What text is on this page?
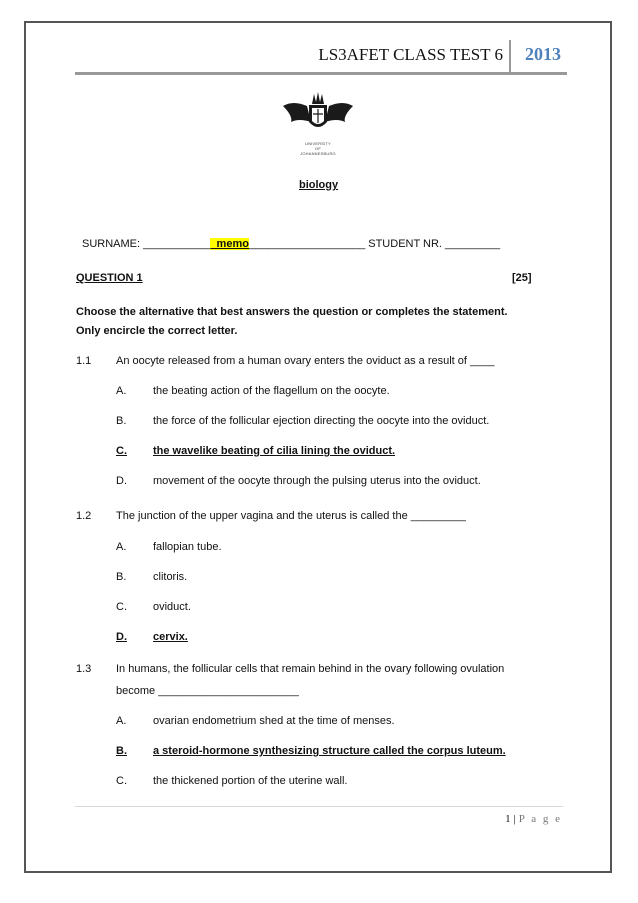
LS3AFET CLASS TEST 6 2013
UNIVERSITY
OF
JOHANNESBURG
biology
SURNAME: ____________memo___________________ STUDENT NR. _________
QUESTION 1	[25]
Choose the alternative that best answers the question or completes the statement.
Only encircle the correct letter.
1.1 An oocyte released from a human ovary enters the oviduct as a result of ____
A. the beating action of the flagellum on the oocyte.
B. the force of the follicular ejection directing the oocyte into the oviduct.
C.	the wavelike beating of cilia lining the oviduct.
D. movement of the oocyte through the pulsing uterus into the oviduct.
1.2 The junction of the upper vagina and the uterus is called the _________
A. fallopian tube.
B. clitoris.
C. oviduct.
D.	cervix.
1.3 In humans, the follicular cells that remain behind in the ovary following ovulation
become _______________________
A. ovarian endometrium shed at the time of menses.
B.	a steroid-hormone synthesizing structure called the corpus luteum.
C. the thickened portion of the uterine wall.
1 | P a g e
